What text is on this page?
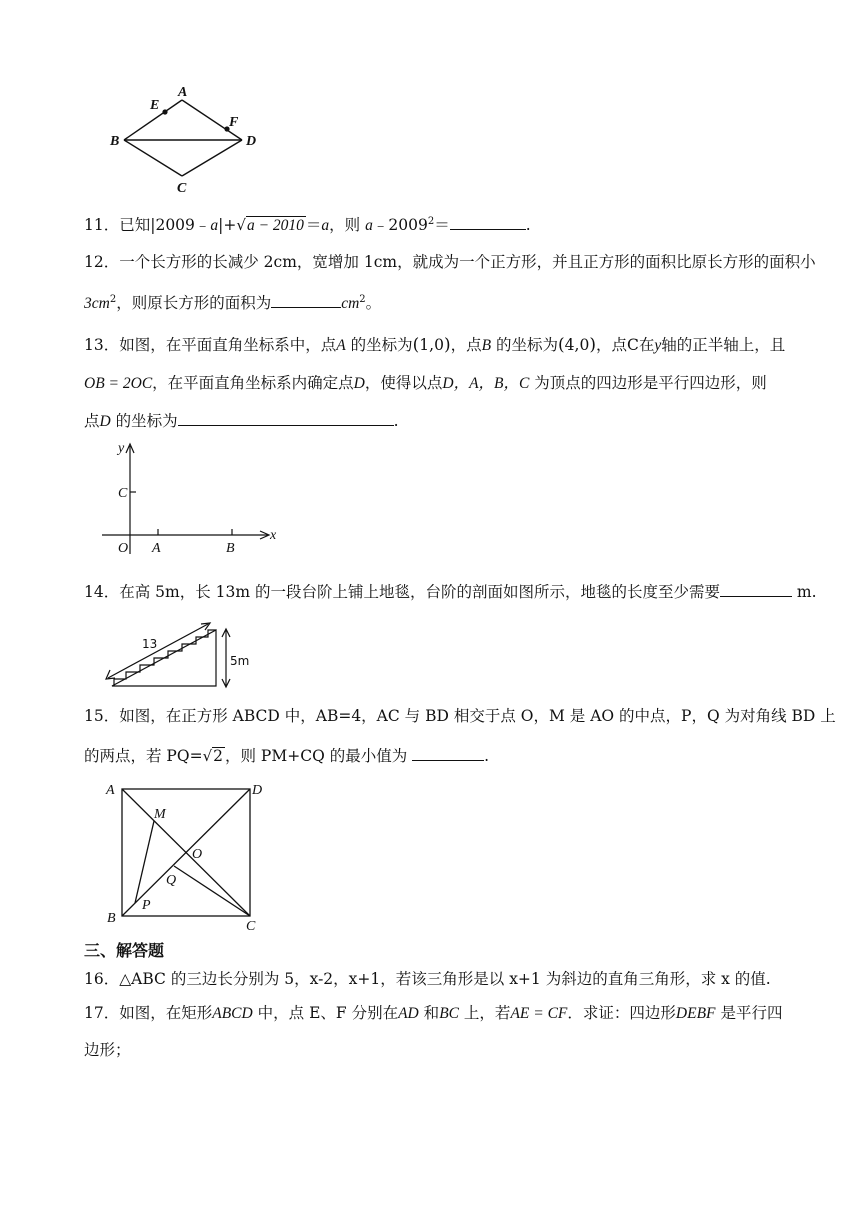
A
E
F
B	D
C
11．已知|2009﹣a|+√a − 2010 ＝a，则 $a﹣2009^2=$	.
12．一个长方形的长减少 2cm，宽增加 1cm，就成为一个正方形，并且正方形的面积比原长方形的面积小
$3cm^2$，则原长方形的面积为	$cm^2$。
13．如图，在平面直角坐标系中，点A 的坐标为(1,0)，点B 的坐标为(4,0)，点C在y轴的正半轴上，且
OB = 2OC，在平面直角坐标系内确定点D，使得以点D，A，B，C 为顶点的四边形是平行四边形，则
点D 的坐标为	.
y
x
C
O A	B
14．在高 5m，长 13m 的一段台阶上铺上地毯，台阶的剖面如图所示，地毯的长度至少需要	m.
13
5m
15．如图，在正方形 ABCD 中，AB=4，AC 与 BD 相交于点 O，M 是 AO 的中点，P，Q 为对角线 BD 上
的两点，若 PQ=√2 ，则 PM+CQ 的最小值为	.
A	D
M
O
Q
P
B
C
三、解答题
16．△ABC 的三边长分别为 5，x-2，x+1，若该三角形是以 x+1 为斜边的直角三角形，求 x 的值.
17．如图，在矩形ABCD 中，点 E、F 分别在AD 和BC 上，若AE = CF．求证：四边形DEBF 是平行四
边形；
